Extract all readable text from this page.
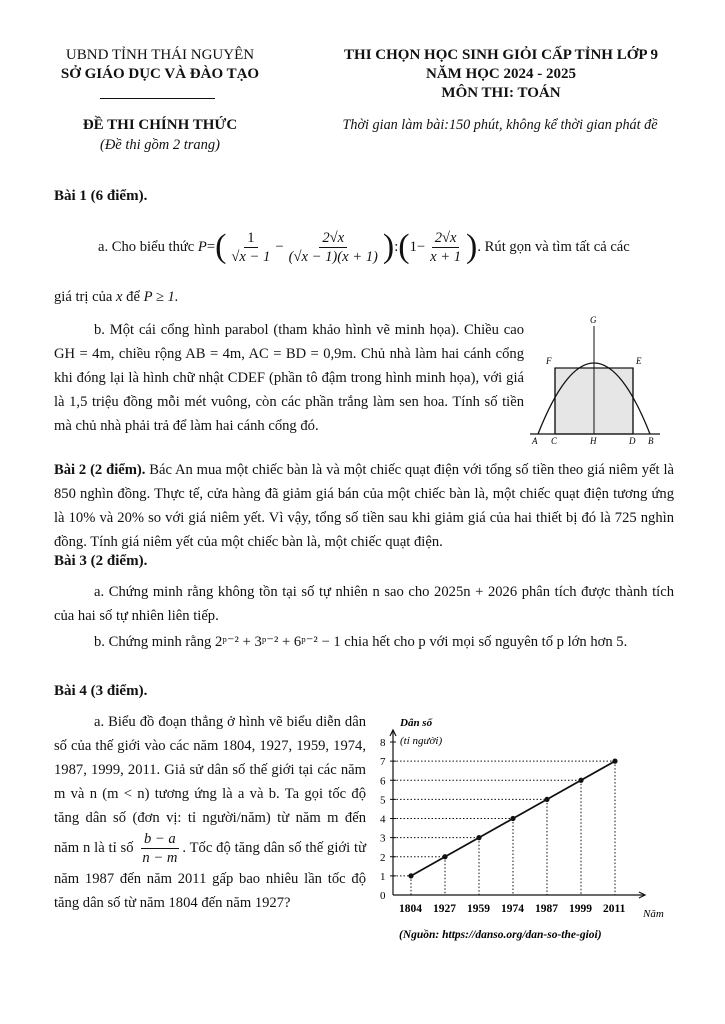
UBND TỈNH THÁI NGUYÊN
SỞ GIÁO DỤC VÀ ĐÀO TẠO
ĐỀ THI CHÍNH THỨC
(Đề thi gồm 2 trang)
THI CHỌN HỌC SINH GIỎI CẤP TỈNH LỚP 9
NĂM HỌC 2024 - 2025
MÔN THI: TOÁN
Thời gian làm bài:150 phút, không kể thời gian phát đề
Bài 1 (6 điểm).
a. Cho biểu thức
P = ( $\frac{1}{√x - 1} - \frac{2√x}{(√x - 1)(x + 1)}$ ) : ( $1- \frac{2√x}{x + 1}$ ) . Rút gọn và tìm tất cả các
giá trị của x để P ≥ 1.
b. Một cái cổng hình parabol (tham khảo hình vẽ minh họa). Chiều cao GH = 4m, chiều rộng AB = 4m, AC = BD = 0,9m. Chủ nhà làm hai cánh cổng khi đóng lại là hình chữ nhật CDEF (phần tô đậm trong hình minh họa), với giá là 1,5 triệu đồng mỗi mét vuông, còn các phần trắng làm sen hoa. Tính số tiền mà chủ nhà phải trả để làm hai cánh cổng đó.
G
F	E
A C	H	D B
Bài 2 (2 điểm). Bác An mua một chiếc bàn là và một chiếc quạt điện với tổng số tiền theo giá niêm yết là 850 nghìn đồng. Thực tế, cửa hàng đã giảm giá bán của một chiếc bàn là, một chiếc quạt điện tương ứng là 10% và 20% so với giá niêm yết. Vì vậy, tổng số tiền sau khi giảm giá của hai thiết bị đó là 725 nghìn đồng. Tính giá niêm yết của một chiếc bàn là, một chiếc quạt điện.
Bài 3 (2 điểm).
a. Chứng minh rằng không tồn tại số tự nhiên n sao cho 2025n + 2026 phân tích được thành tích của hai số tự nhiên liên tiếp.
b. Chứng minh rằng 2ᵖ⁻² + 3ᵖ⁻² + 6ᵖ⁻² − 1 chia hết cho p với mọi số nguyên tố p lớn hơn 5.
Bài 4 (3 điểm).
a. Biểu đồ đoạn thẳng ở hình vẽ biểu diễn dân số của thế giới vào các năm 1804, 1927, 1959, 1974, 1987, 1999, 2011. Giả sử dân số thế giới tại các năm m và n (m < n) tương ứng là a và b. Ta gọi tốc độ tăng dân số (đơn vị: tỉ người/năm) từ năm m đến năm n là tỉ số $\frac{b - a}{n - m}$ . Tốc độ tăng dân số thế giới từ năm 1987 đến năm 2011 gấp bao nhiêu lần tốc độ tăng dân số từ năm 1804 đến năm 1927?	0
1
2
3
4
5
6
7
8
1804 1927 1959 1974 1987 1999 2011
Dân số
(tỉ người)
Năm
(Nguồn: https://danso.org/dan-so-the-gioi)
